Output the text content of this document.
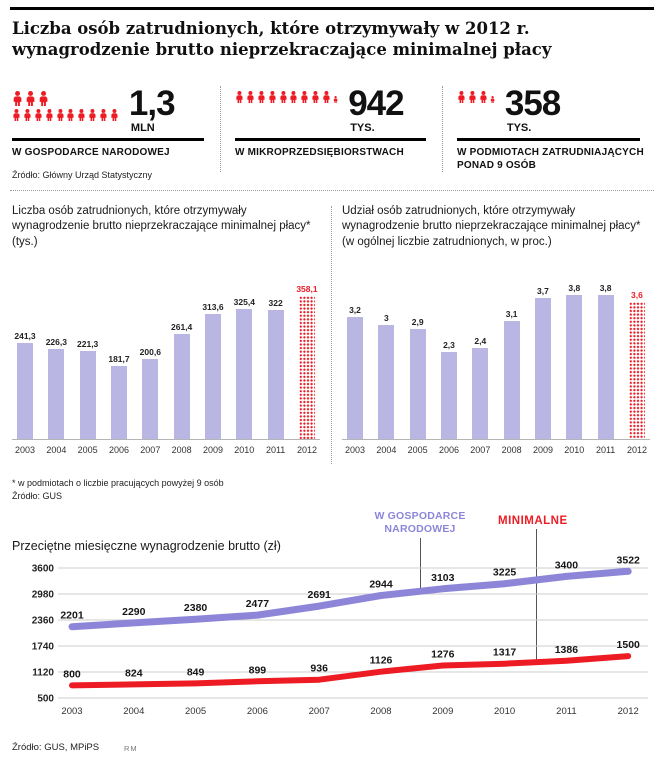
Liczba osób zatrudnionych, które otrzymywały w 2012 r.
wynagrodzenie brutto nieprzekraczające minimalnej płacy
1,3
MLN
W GOSPODARCE NARODOWEJ
942
TYS.
W MIKROPRZEDSIĘBIORSTWACH
358
TYS.
W PODMIOTACH ZATRUDNIAJĄCYCH PONAD 9 OSÓB
Źródło: Główny Urząd Statystyczny
Liczba osób zatrudnionych, które otrzymywały wynagrodzenie brutto nieprzekraczające minimalnej płacy* (tys.)
241,3
226,3 221,3
181,7
200,6
261,4
313,6 325,4 322
358,1
2003	2004	2005	2006	2007	2008	2009	2010	2011	2012
Udział osób zatrudnionych, które otrzymywały wynagrodzenie brutto nieprzekraczające minimalnej płacy* (w ogólnej liczbie zatrudnionych, w proc.)
3,2
3	2,9
2,3 2,4
3,1
3,7 3,8 3,8
3,6
2003	2004	2005	2006	2007	2008	2009	2010	2011	2012
* w podmiotach o liczbie pracujących powyżej 9 osób
Źródło: GUS
W GOSPODARCE NARODOWEJ
MINIMALNE
Przeciętne miesięczne wynagrodzenie brutto (zł)
3600
2980
2360
1740
1120
500
2003	2004	2005	2006	2007	2008	2009	2010	2011	2012
2201	2290	2380	2477
2691
2944
3103	3225
3400	3522
800	824	849	899	936
1126
1276	1317	1386	1500
Źródło: GUS, MPiPS	RM
